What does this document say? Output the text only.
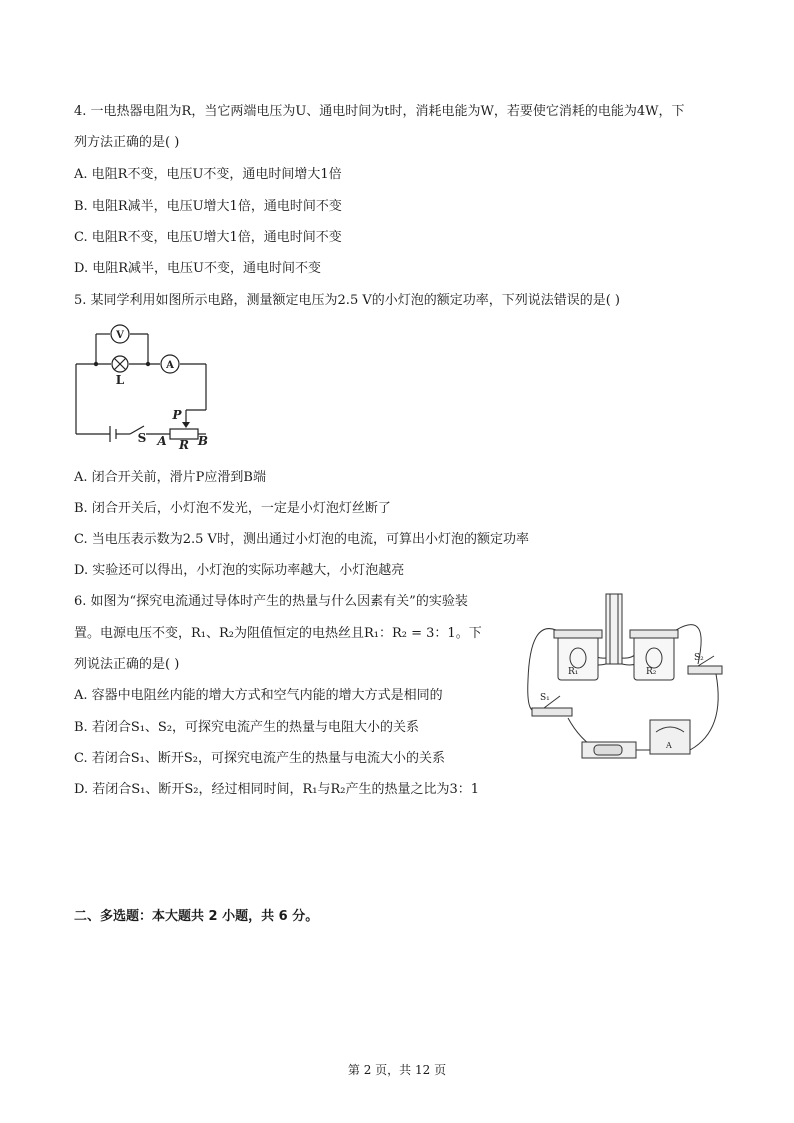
4. 一电热器电阻为R，当它两端电压为U、通电时间为t时，消耗电能为W，若要使它消耗的电能为4W，下
列方法正确的是( )
A. 电阻R不变，电压U不变，通电时间增大1倍
B. 电阻R减半，电压U增大1倍，通电时间不变
C. 电阻R不变，电压U增大1倍，通电时间不变
D. 电阻R减半，电压U不变，通电时间不变
5. 某同学利用如图所示电路，测量额定电压为2.5 V的小灯泡的额定功率，下列说法错误的是( )
V
A
L
S A R B
P
A. 闭合开关前，滑片P应滑到B端
B. 闭合开关后，小灯泡不发光，一定是小灯泡灯丝断了
C. 当电压表示数为2.5 V时，测出通过小灯泡的电流，可算出小灯泡的额定功率
D. 实验还可以得出，小灯泡的实际功率越大，小灯泡越亮
6. 如图为“探究电流通过导体时产生的热量与什么因素有关”的实验装
置。电源电压不变，R₁、R₂为阻值恒定的电热丝且R₁：R₂ = 3：1。下
列说法正确的是( )
A. 容器中电阻丝内能的增大方式和空气内能的增大方式是相同的
B. 若闭合S₁、S₂，可探究电流产生的热量与电阻大小的关系
C. 若闭合S₁、断开S₂，可探究电流产生的热量与电流大小的关系
D. 若闭合S₁、断开S₂，经过相同时间，R₁与R₂产生的热量之比为3：1
R₁	R₂
S₁
S₂
A
二、多选题：本大题共 2 小题，共 6 分。
第 2 页，共 12 页
